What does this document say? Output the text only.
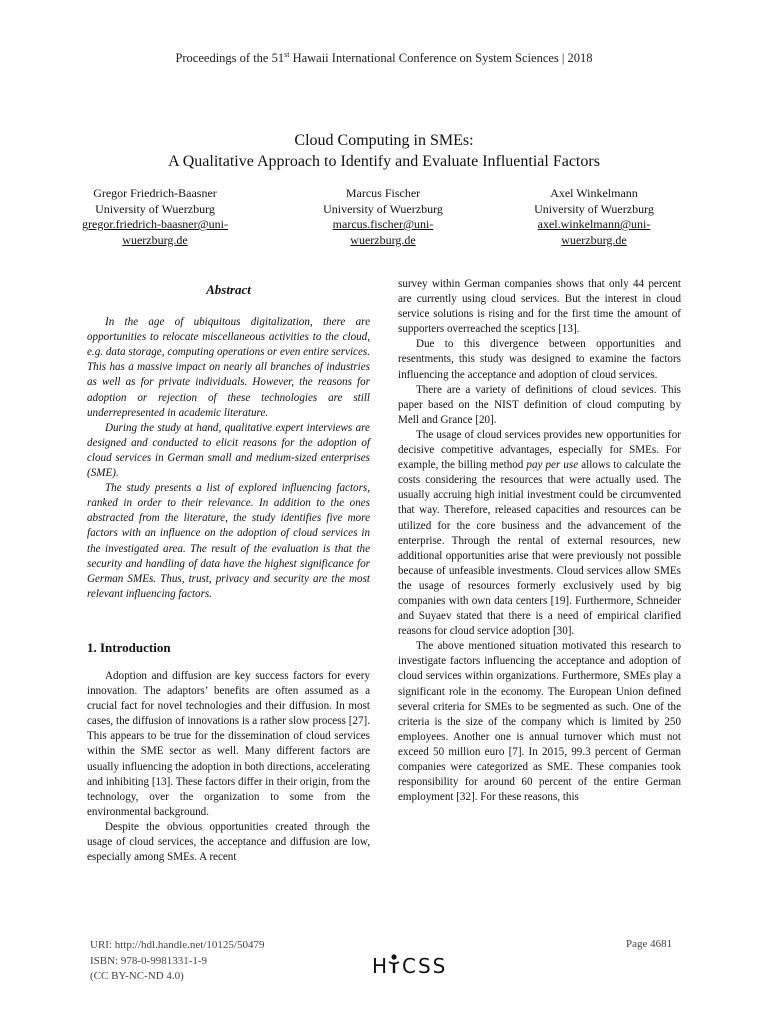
Proceedings of the 51st Hawaii International Conference on System Sciences | 2018
Cloud Computing in SMEs:
A Qualitative Approach to Identify and Evaluate Influential Factors
Gregor Friedrich-Baasner
University of Wuerzburg
gregor.friedrich-baasner@uni-
wuerzburg.de
Marcus Fischer
University of Wuerzburg
marcus.fischer@uni-
wuerzburg.de
Axel Winkelmann
University of Wuerzburg
axel.winkelmann@uni-
wuerzburg.de

Abstract

In the age of ubiquitous digitalization, there are opportunities to relocate miscellaneous activities to the cloud, e.g. data storage, computing operations or even entire services. This has a massive impact on nearly all branches of industries as well as for private individuals. However, the reasons for adoption or rejection of these technologies are still underrepresented in academic literature.

During the study at hand, qualitative expert interviews are designed and conducted to elicit reasons for the adoption of cloud services in German small and medium-sized enterprises (SME).

The study presents a list of explored influencing factors, ranked in order to their relevance. In addition to the ones abstracted from the literature, the study identifies five more factors with an influence on the adoption of cloud services in the investigated area. The result of the evaluation is that the security and handling of data have the highest significance for German SMEs. Thus, trust, privacy and security are the most relevant influencing factors.

1. Introduction

Adoption and diffusion are key success factors for every innovation. The adaptors’ benefits are often assumed as a crucial fact for novel technologies and their diffusion. In most cases, the diffusion of innovations is a rather slow process [27]. This appears to be true for the dissemination of cloud services within the SME sector as well. Many different factors are usually influencing the adoption in both directions, accelerating and inhibiting [13]. These factors differ in their origin, from the technology, over the organization to some from the environmental background.

Despite the obvious opportunities created through the usage of cloud services, the acceptance and diffusion are low, especially among SMEs. A recent

survey within German companies shows that only 44 percent are currently using cloud services. But the interest in cloud service solutions is rising and for the first time the amount of supporters overreached the sceptics [13].

Due to this divergence between opportunities and resentments, this study was designed to examine the factors influencing the acceptance and adoption of cloud services.

There are a variety of definitions of cloud sevices. This paper based on the NIST definition of cloud computing by Mell and Grance [20].

The usage of cloud services provides new opportunities for decisive competitive advantages, especially for SMEs. For example, the billing method pay per use allows to calculate the costs considering the resources that were actually used. The usually accruing high initial investment could be circumvented that way. Therefore, released capacities and resources can be utilized for the core business and the advancement of the enterprise. Through the rental of external resources, new additional opportunities arise that were previously not possible because of unfeasible investments. Cloud services allow SMEs the usage of resources formerly exclusively used by big companies with own data centers [19]. Furthermore, Schneider and Suyaev stated that there is a need of empirical clarified reasons for cloud service adoption [30].

The above mentioned situation motivated this research to investigate factors influencing the acceptance and adoption of cloud services within organizations. Furthermore, SMEs play a significant role in the economy. The European Union defined several criteria for SMEs to be segmented as such. One of the criteria is the size of the company which is limited by 250 employees. Another one is annual turnover which must not exceed 50 million euro [7]. In 2015, 99.3 percent of German companies were categorized as SME. These companies took responsibility for around 60 percent of the entire German employment [32]. For these reasons, this

URI: http://hdl.handle.net/10125/50479
ISBN: 978-0-9981331-1-9
(CC BY-NC-ND 4.0)
Page 4681
H CSS
